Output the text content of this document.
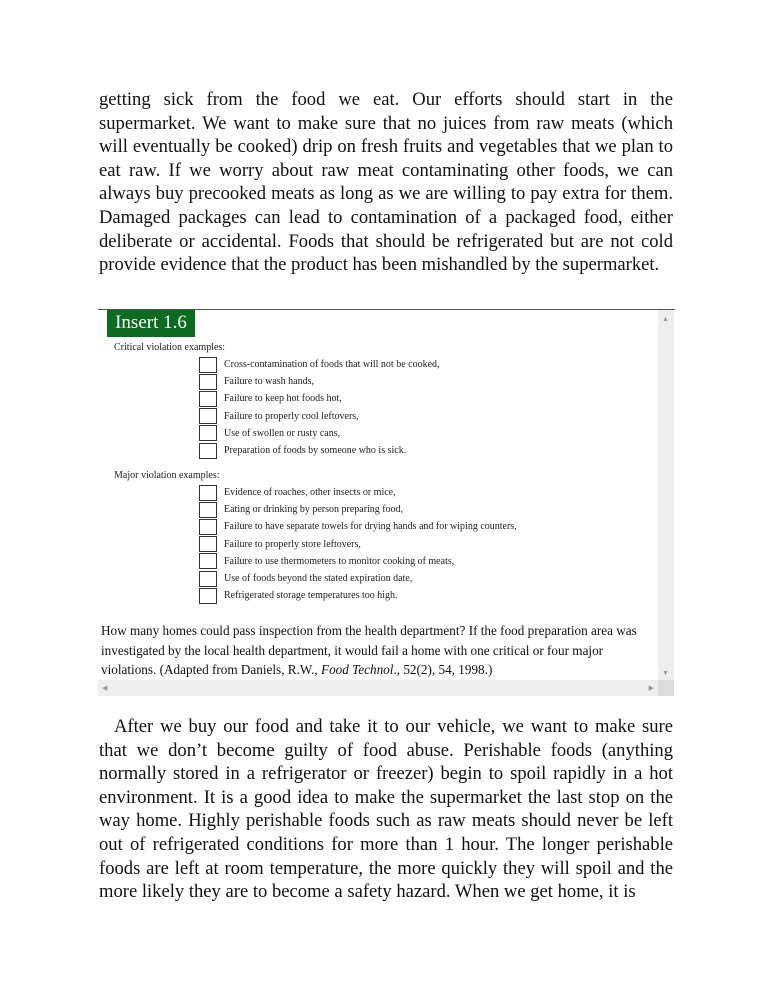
getting sick from the food we eat. Our efforts should start in the supermarket. We want to make sure that no juices from raw meats (which will eventually be cooked) drip on fresh fruits and vegetables that we plan to eat raw. If we worry about raw meat contaminating other foods, we can always buy precooked meats as long as we are willing to pay extra for them. Damaged packages can lead to contamination of a packaged food, either deliberate or accidental. Foods that should be refrigerated but are not cold provide evidence that the product has been mishandled by the supermarket.

Insert 1.6
Critical violation examples:
Cross-contamination of foods that will not be cooked,
Failure to wash hands,
Failure to keep hot foods hot,
Failure to properly cool leftovers,
Use of swollen or rusty cans,
Preparation of foods by someone who is sick.
Major violation examples:
Evidence of roaches, other insects or mice,
Eating or drinking by person preparing food,
Failure to have separate towels for drying hands and for wiping counters,
Failure to properly store leftovers,
Failure to use thermometers to monitor cooking of meats,
Use of foods beyond the stated expiration date,
Refrigerated storage temperatures too high.

How many homes could pass inspection from the health department? If the food preparation area was investigated by the local health department, it would fail a home with one critical or four major violations. (Adapted from Daniels, R.W., Food Technol., 52(2), 54, 1998.)

▲
▼
◀	▶

After we buy our food and take it to our vehicle, we want to make sure that we don’t become guilty of food abuse. Perishable foods (anything normally stored in a refrigerator or freezer) begin to spoil rapidly in a hot environment. It is a good idea to make the supermarket the last stop on the way home. Highly perishable foods such as raw meats should never be left out of refrigerated conditions for more than 1 hour. The longer perishable foods are left at room temperature, the more quickly they will spoil and the more likely they are to become a safety hazard. When we get home, it is
